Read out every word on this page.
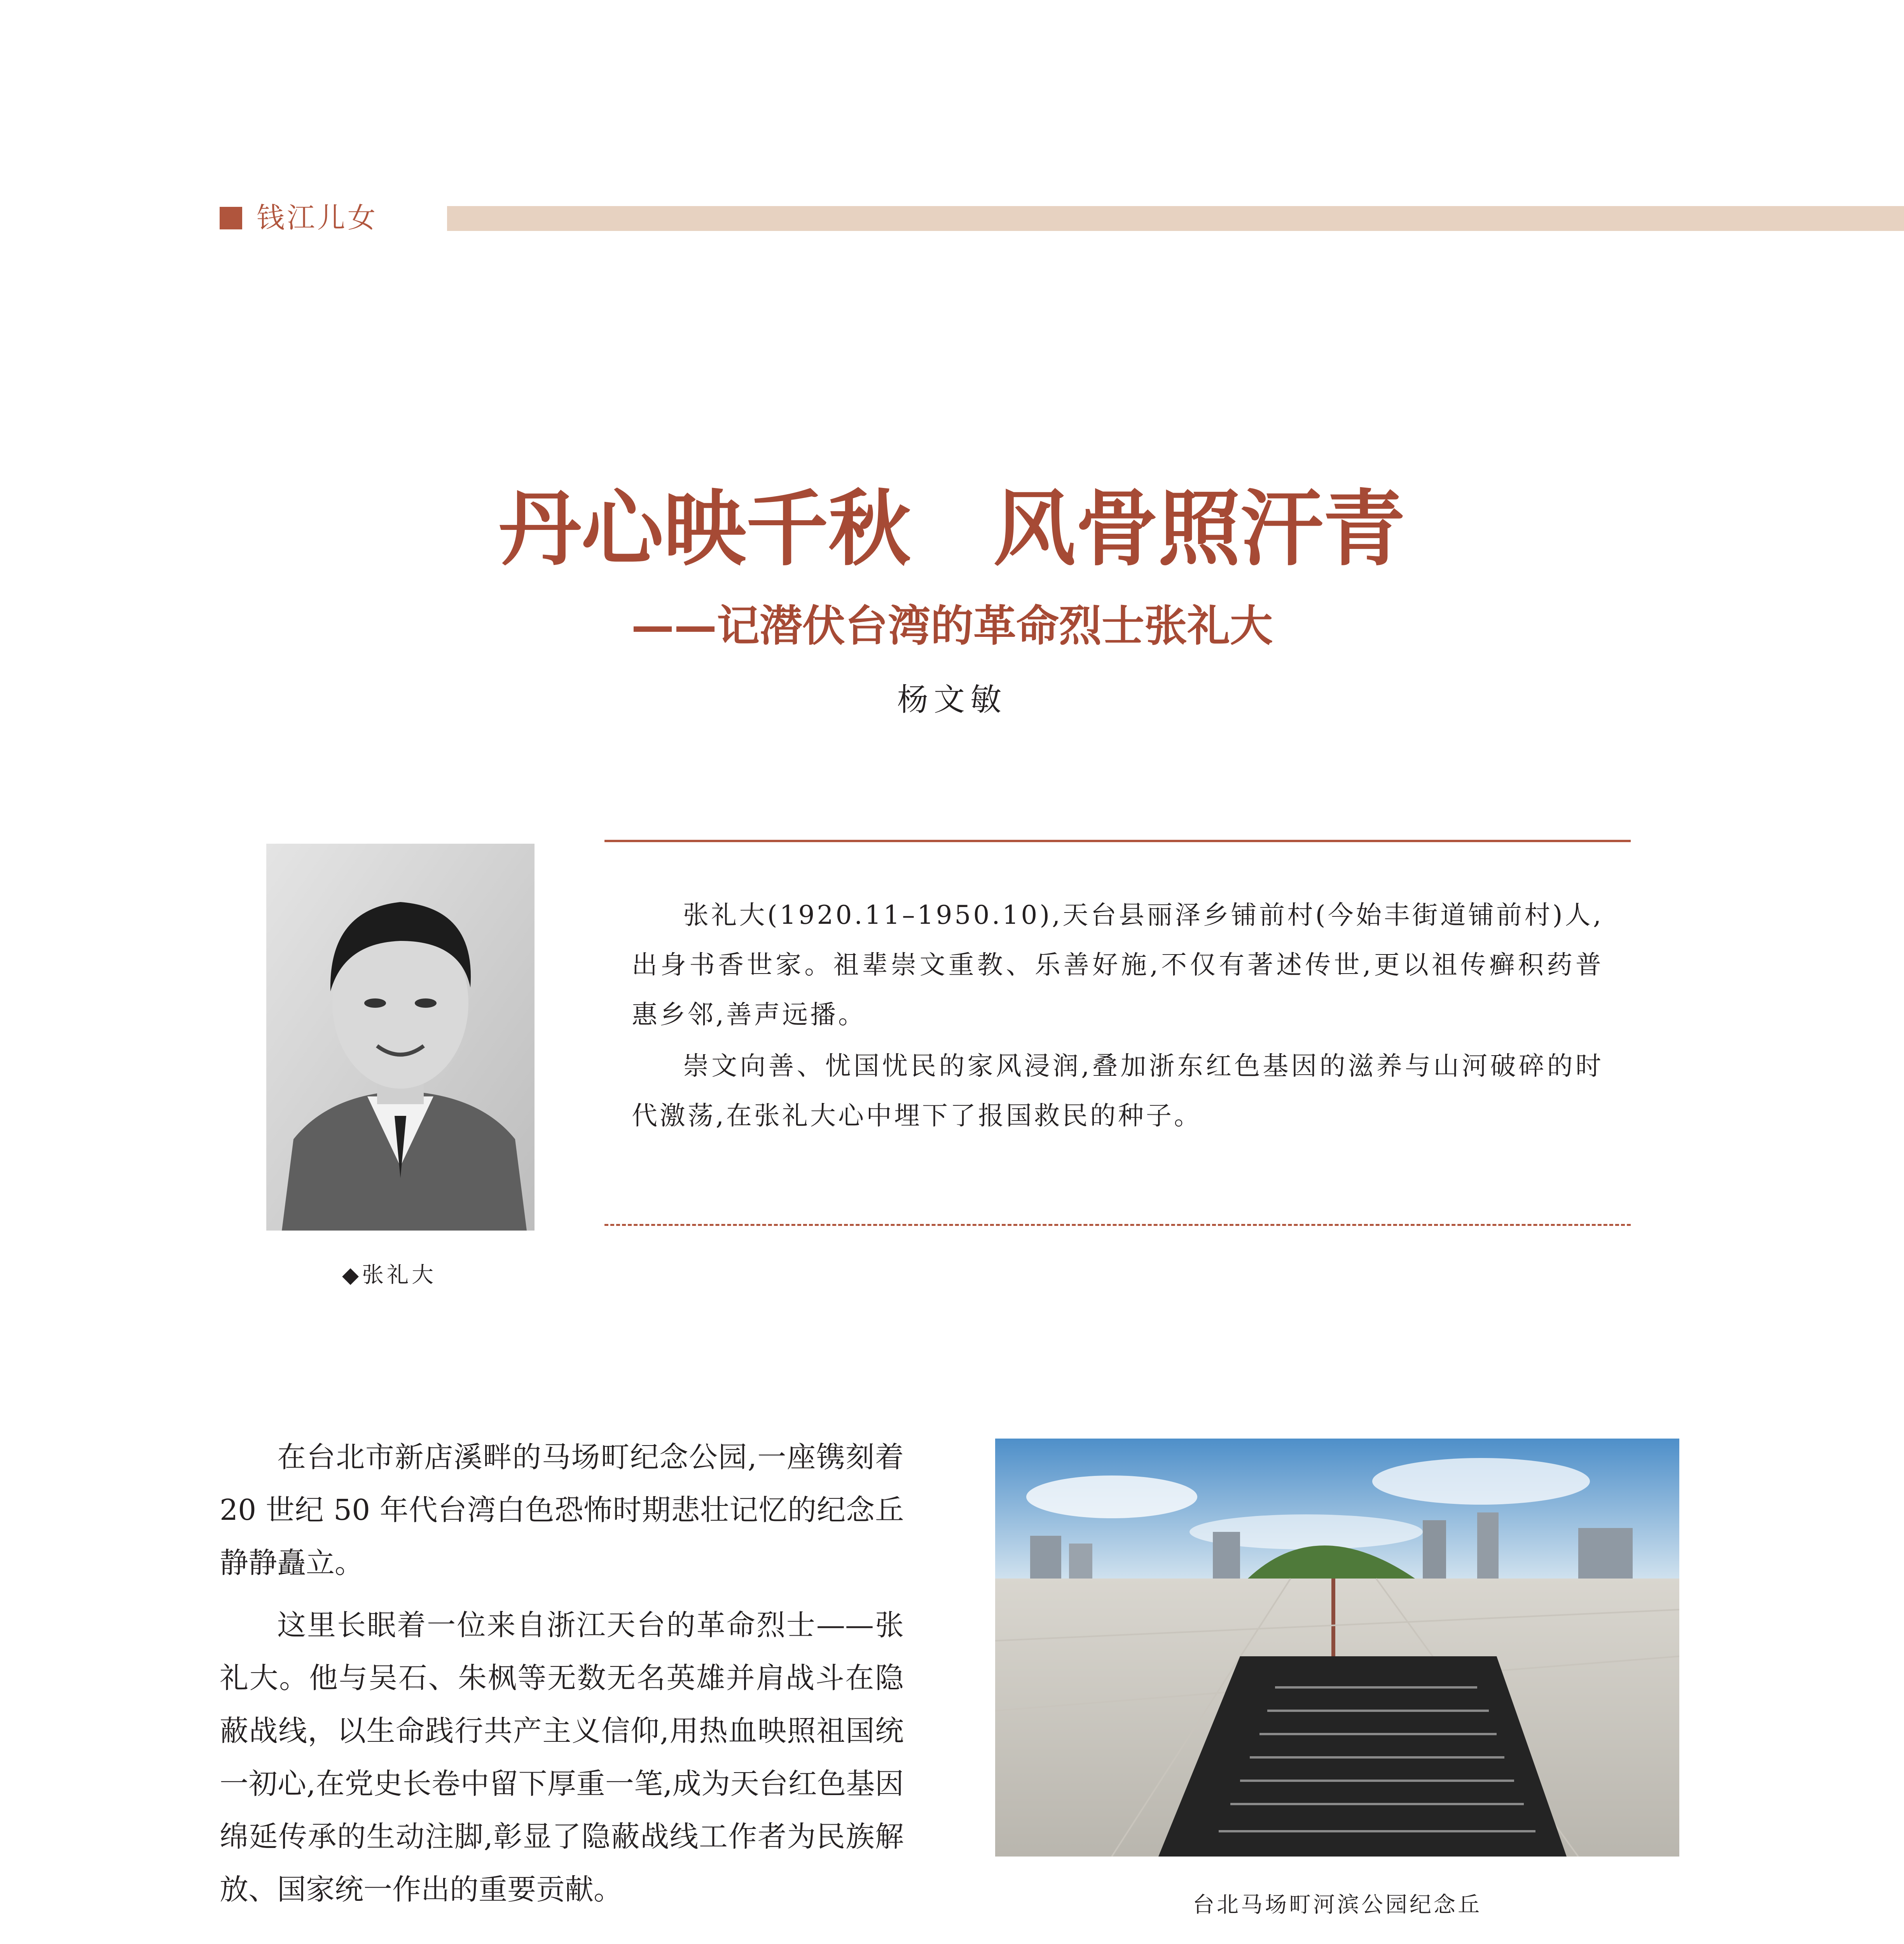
钱江儿女
丹心映千秋　风骨照汗青
——记潜伏台湾的革命烈士张礼大
杨文敏
◆张礼大

张礼大(1920.11–1950.10),天台县丽泽乡铺前村(今始丰街道铺前村)人,出身书香世家。祖辈崇文重教、乐善好施,不仅有著述传世,更以祖传癣积药普惠乡邻,善声远播。

崇文向善、忧国忧民的家风浸润,叠加浙东红色基因的滋养与山河破碎的时代激荡,在张礼大心中埋下了报国救民的种子。

在台北市新店溪畔的马场町纪念公园,一座镌刻着 20 世纪 50 年代台湾白色恐怖时期悲壮记忆的纪念丘静静矗立。

这里长眠着一位来自浙江天台的革命烈士——张礼大。他与吴石、朱枫等无数无名英雄并肩战斗在隐蔽战线，以生命践行共产主义信仰,用热血映照祖国统一初心,在党史长卷中留下厚重一笔,成为天台红色基因绵延传承的生动注脚,彰显了隐蔽战线工作者为民族解放、国家统一作出的重要贡献。	台北马场町河滨公园纪念丘
